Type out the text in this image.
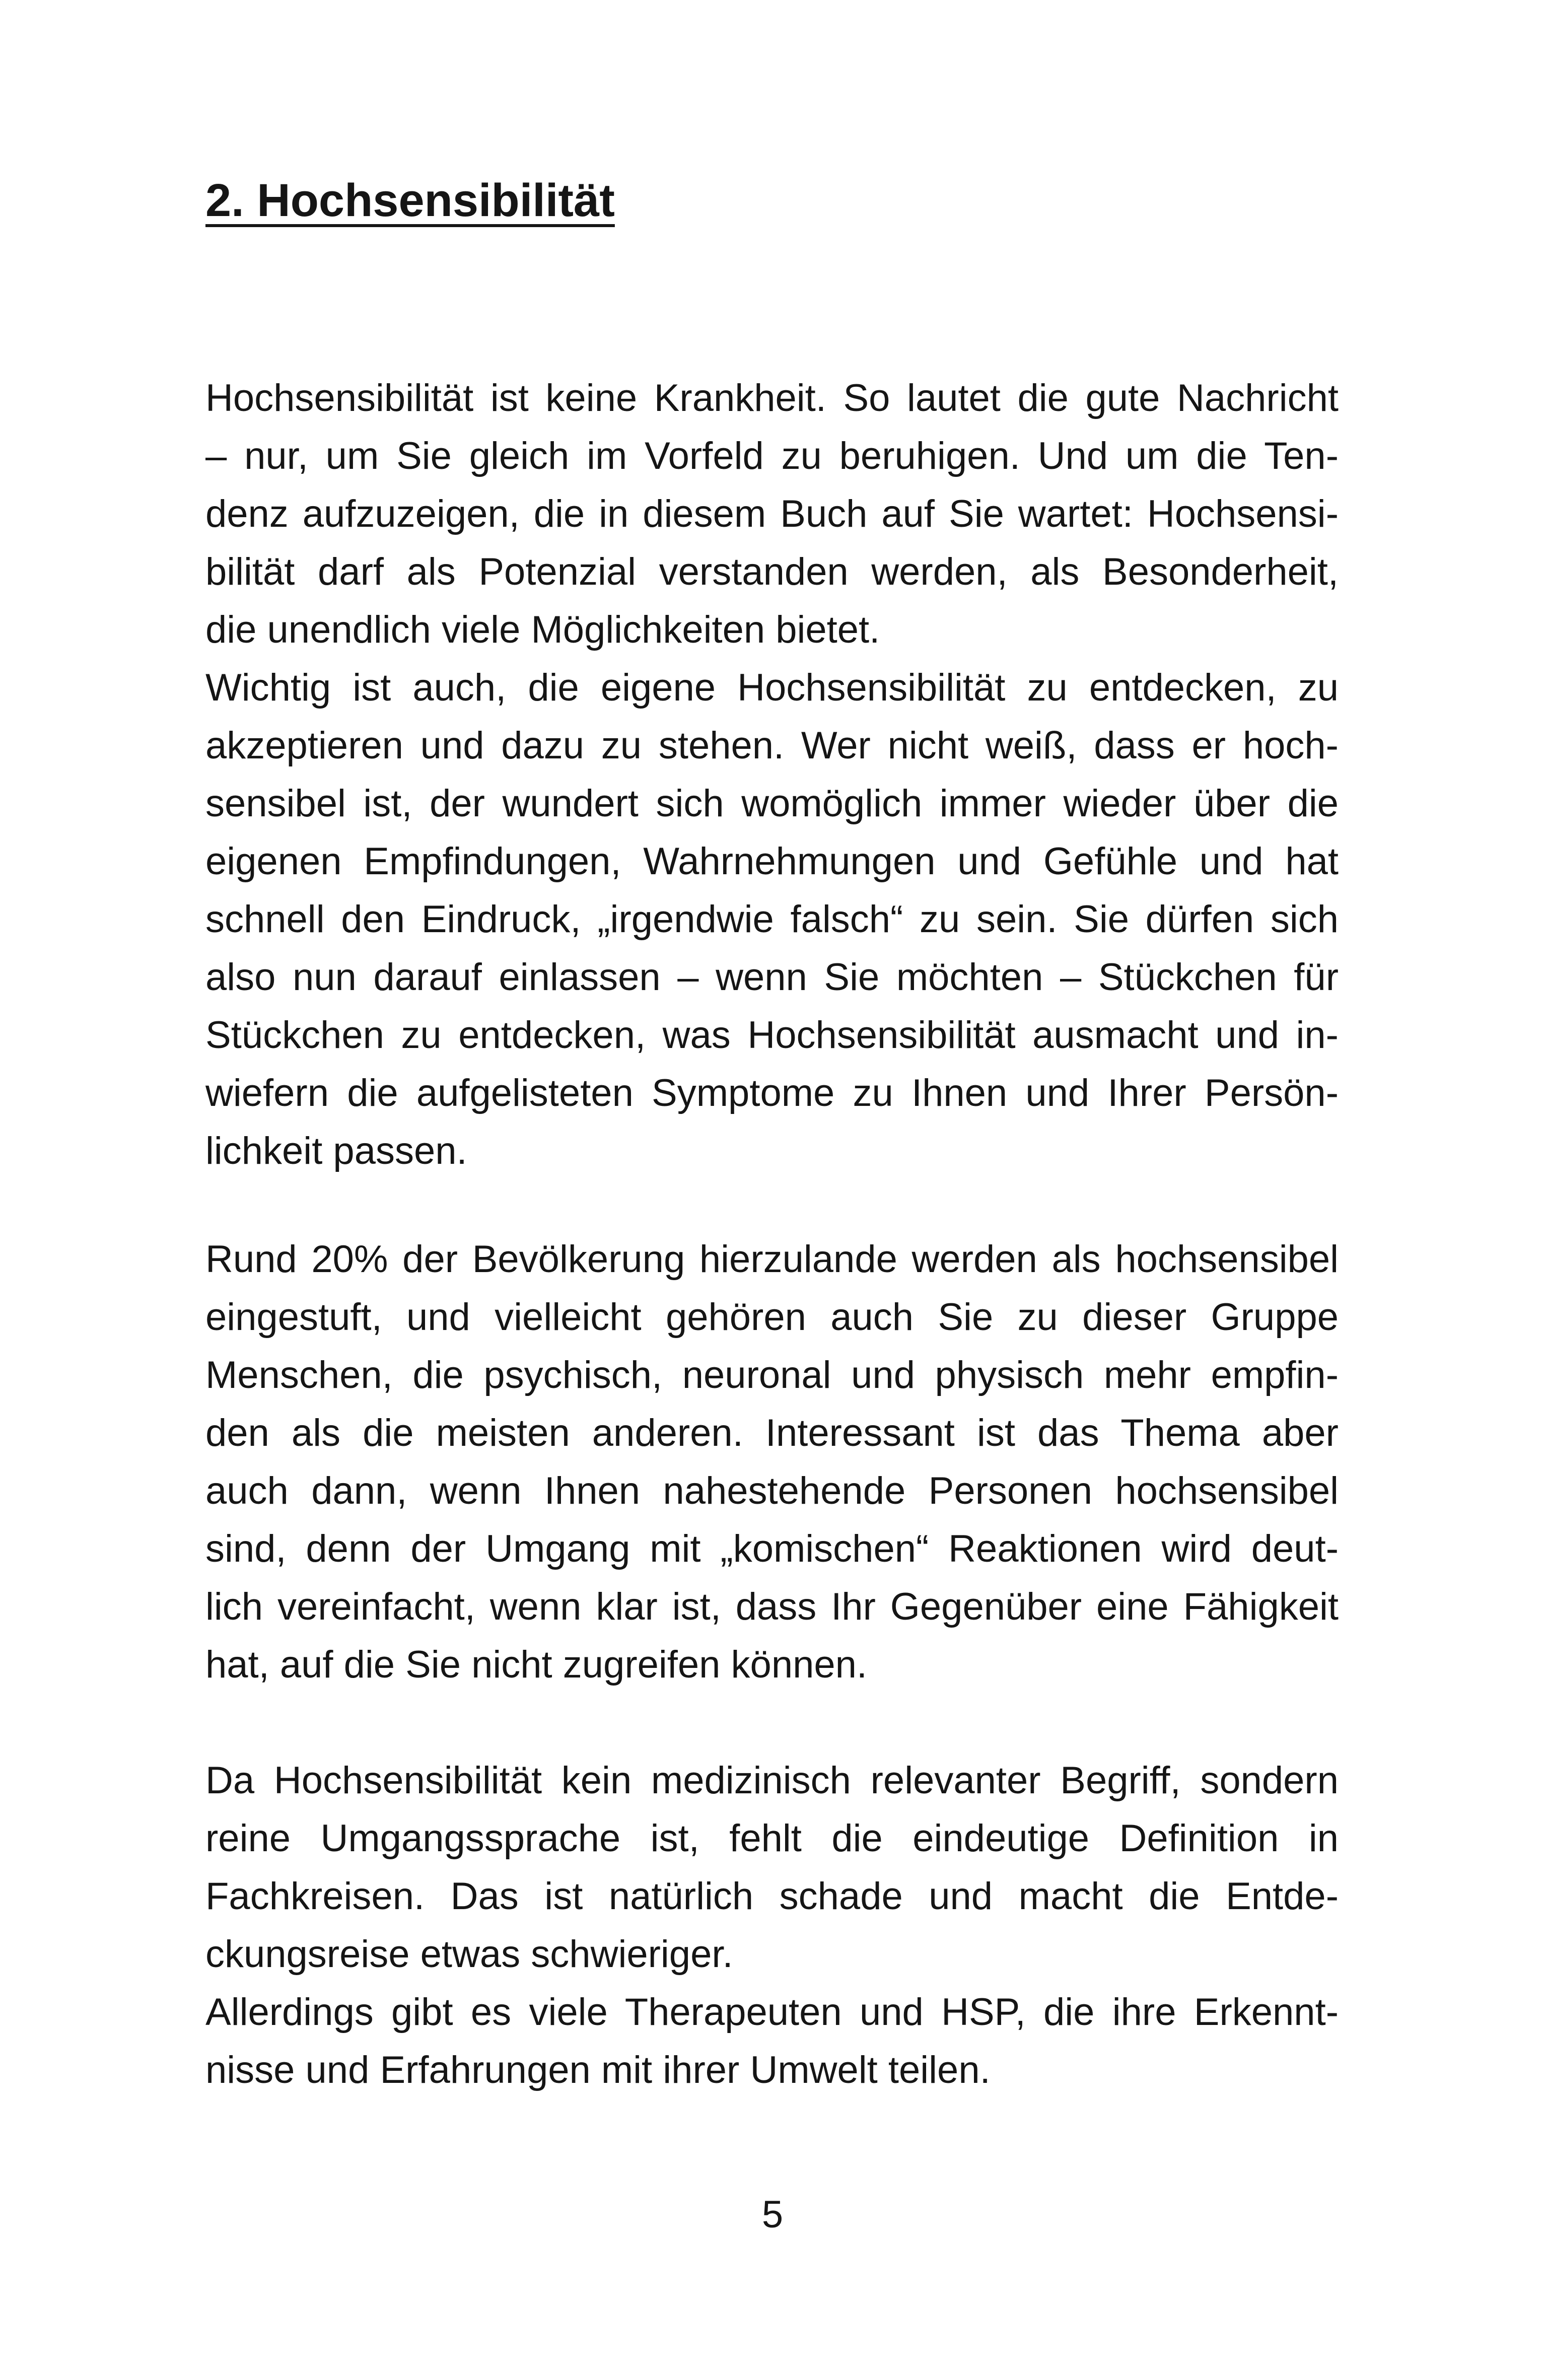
2. Hochsensibilität

Hochsensibilität ist keine Krankheit. So lautet die gute Nachricht
– nur, um Sie gleich im Vorfeld zu beruhigen. Und um die Ten-
denz aufzuzeigen, die in diesem Buch auf Sie wartet: Hochsensi-
bilität darf als Potenzial verstanden werden, als Besonderheit,
die unendlich viele Möglichkeiten bietet.
Wichtig ist auch, die eigene Hochsensibilität zu entdecken, zu
akzeptieren und dazu zu stehen. Wer nicht weiß, dass er hoch-
sensibel ist, der wundert sich womöglich immer wieder über die
eigenen Empfindungen, Wahrnehmungen und Gefühle und hat
schnell den Eindruck, „irgendwie falsch“ zu sein. Sie dürfen sich
also nun darauf einlassen – wenn Sie möchten – Stückchen für
Stückchen zu entdecken, was Hochsensibilität ausmacht und in-
wiefern die aufgelisteten Symptome zu Ihnen und Ihrer Persön-
lichkeit passen.

Rund 20% der Bevölkerung hierzulande werden als hochsensibel
eingestuft, und vielleicht gehören auch Sie zu dieser Gruppe
Menschen, die psychisch, neuronal und physisch mehr empfin-
den als die meisten anderen. Interessant ist das Thema aber
auch dann, wenn Ihnen nahestehende Personen hochsensibel
sind, denn der Umgang mit „komischen“ Reaktionen wird deut-
lich vereinfacht, wenn klar ist, dass Ihr Gegenüber eine Fähigkeit
hat, auf die Sie nicht zugreifen können.

Da Hochsensibilität kein medizinisch relevanter Begriff, sondern
reine Umgangssprache ist, fehlt die eindeutige Definition in
Fachkreisen. Das ist natürlich schade und macht die Entde-
ckungsreise etwas schwieriger.
Allerdings gibt es viele Therapeuten und HSP, die ihre Erkennt-
nisse und Erfahrungen mit ihrer Umwelt teilen.

5
